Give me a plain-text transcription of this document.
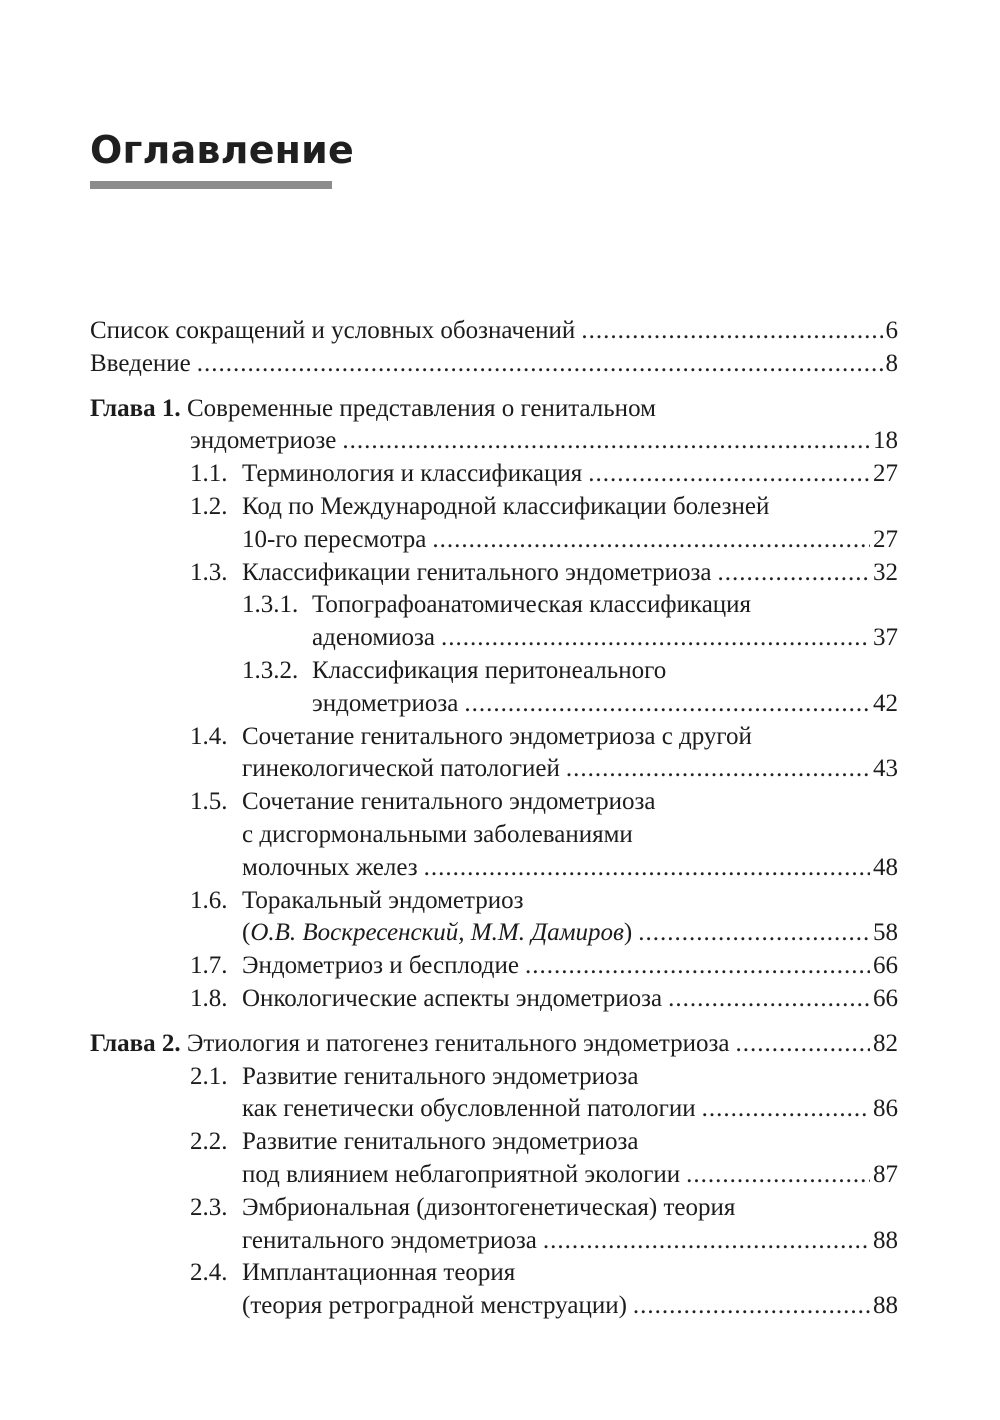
Оглавление
Список сокращений и условных обозначений .....	6
Введение .....	8
Глава 1. Современные представления о генитальном
эндометриозе .....	18
1.1. Терминология и классификация .....	27
1.2. Код по Международной классификации болезней
10-го пересмотра .....	27
1.3. Классификации генитального эндометриоза .....	32
1.3.1. Топографоанатомическая классификация
аденомиоза .....	37
1.3.2. Классификация перитонеального
эндометриоза .....	42
1.4. Сочетание генитального эндометриоза с другой
гинекологической патологией .....	43
1.5. Сочетание генитального эндометриоза
с дисгормональными заболеваниями
молочных желез .....	48
1.6. Торакальный эндометриоз
(О.В. Воскресенский, М.М. Дамиров) .....	58
1.7. Эндометриоз и бесплодие .....	66
1.8. Онкологические аспекты эндометриоза .....	66
Глава 2. Этиология и патогенез генитального эндометриоза .....	82
2.1. Развитие генитального эндометриоза
как генетически обусловленной патологии .....	86
2.2. Развитие генитального эндометриоза
под влиянием неблагоприятной экологии .....	87
2.3. Эмбриональная (дизонтогенетическая) теория
генитального эндометриоза .....	88
2.4. Имплантационная теория
(теория ретроградной менструации) .....	88
